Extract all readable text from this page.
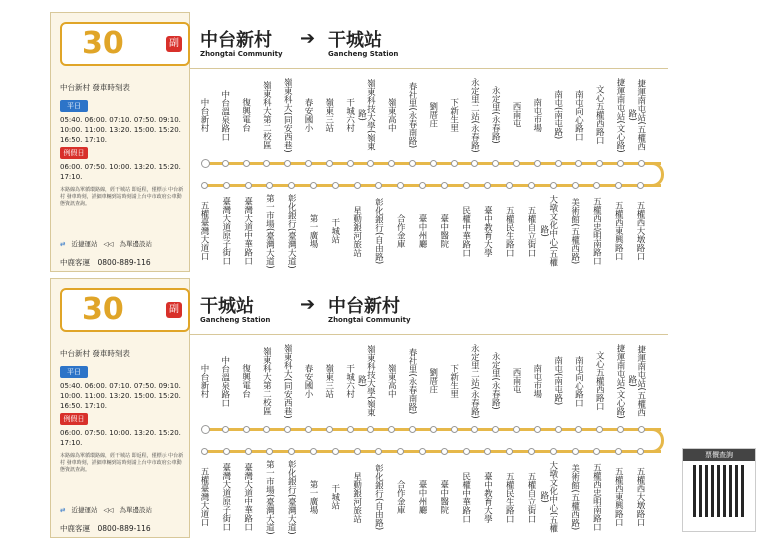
30	副
中台新村 發車時刻表
平日
05:40. 06:00. 07:10. 07:50. 09:10. 10:00. 11:00. 13:20. 15:00. 15:20. 16:50. 17:10.
例假日
06:00. 07:50. 10:00. 13:20. 15:20. 17:10.
本路線為單循環路線，經干城站 即返程，僅標示 中台新村 發車時刻，詳細車輛到站時刻請上台中市政府公車動態資訊查詢。
⇄ 近捷運站 ◁◁ 為單邊設站
中鹿客運　0800-889-116
中台新村
Zhongtai Community
➔ 干城站
Gancheng Station
中台新村	中台溫泉路口	復興電台	嶺東科大第二校區	嶺東科大(同安西巷)	春安國小	嶺東三站	干城六村	嶺東科技大學(嶺東路)	嶺東高中	春社里(永春南路)	劉厝庄	下新生里	永定里二站(永春路)	永定里(永春路)	西南屯	南屯市場	南屯(南屯路)	南屯向心路口	文心五權西路口	捷運南屯站(文心路)	捷運南屯站(五權西路)
五權臺灣大道口	臺灣大道原子街口	臺灣大道中華路口	第一市場(臺灣大道)	彰化銀行(臺灣大道)	第一廣場	干城站	星動銀河旅站	彰化銀行(自由路)	合作金庫	臺中州廳	臺中醫院	民權中華路口	臺中教育大學	五權民生路口	五權自立街口	大墩文化中心(五權路)	美術館(五權西路)	五權西忠明南路口	五權西東興路口	五權西大墩路口
30	副
中台新村 發車時刻表
平日
05:40. 06:00. 07:10. 07:50. 09:10. 10:00. 11:00. 13:20. 15:00. 15:20. 16:50. 17:10.
例假日
06:00. 07:50. 10:00. 13:20. 15:20. 17:10.
本路線為單循環路線，經干城站 即返程，僅標示 中台新村 發車時刻，詳細車輛到站時刻請上台中市政府公車動態資訊查詢。
⇄ 近捷運站 ◁◁ 為單邊設站
中鹿客運　0800-889-116
干城站
Gancheng Station
➔ 中台新村
Zhongtai Community
中台新村	中台溫泉路口	復興電台	嶺東科大第二校區	嶺東科大(同安西巷)	春安國小	嶺東三站	干城六村	嶺東科技大學(嶺東路)	嶺東高中	春社里(永春南路)	劉厝庄	下新生里	永定里二站(永春路)	永定里(永春路)	西南屯	南屯市場	南屯(南屯路)	南屯向心路口	文心五權西路口	捷運南屯站(文心路)	捷運南屯站(五權西路)
五權臺灣大道口	臺灣大道原子街口	臺灣大道中華路口	第一市場(臺灣大道)	彰化銀行(臺灣大道)	第一廣場	干城站	星動銀河旅站	彰化銀行(自由路)	合作金庫	臺中州廳	臺中醫院	民權中華路口	臺中教育大學	五權民生路口	五權自立街口	大墩文化中心(五權路)	美術館(五權西路)	五權西忠明南路口	五權西東興路口	五權西大墩路口
票價查詢
